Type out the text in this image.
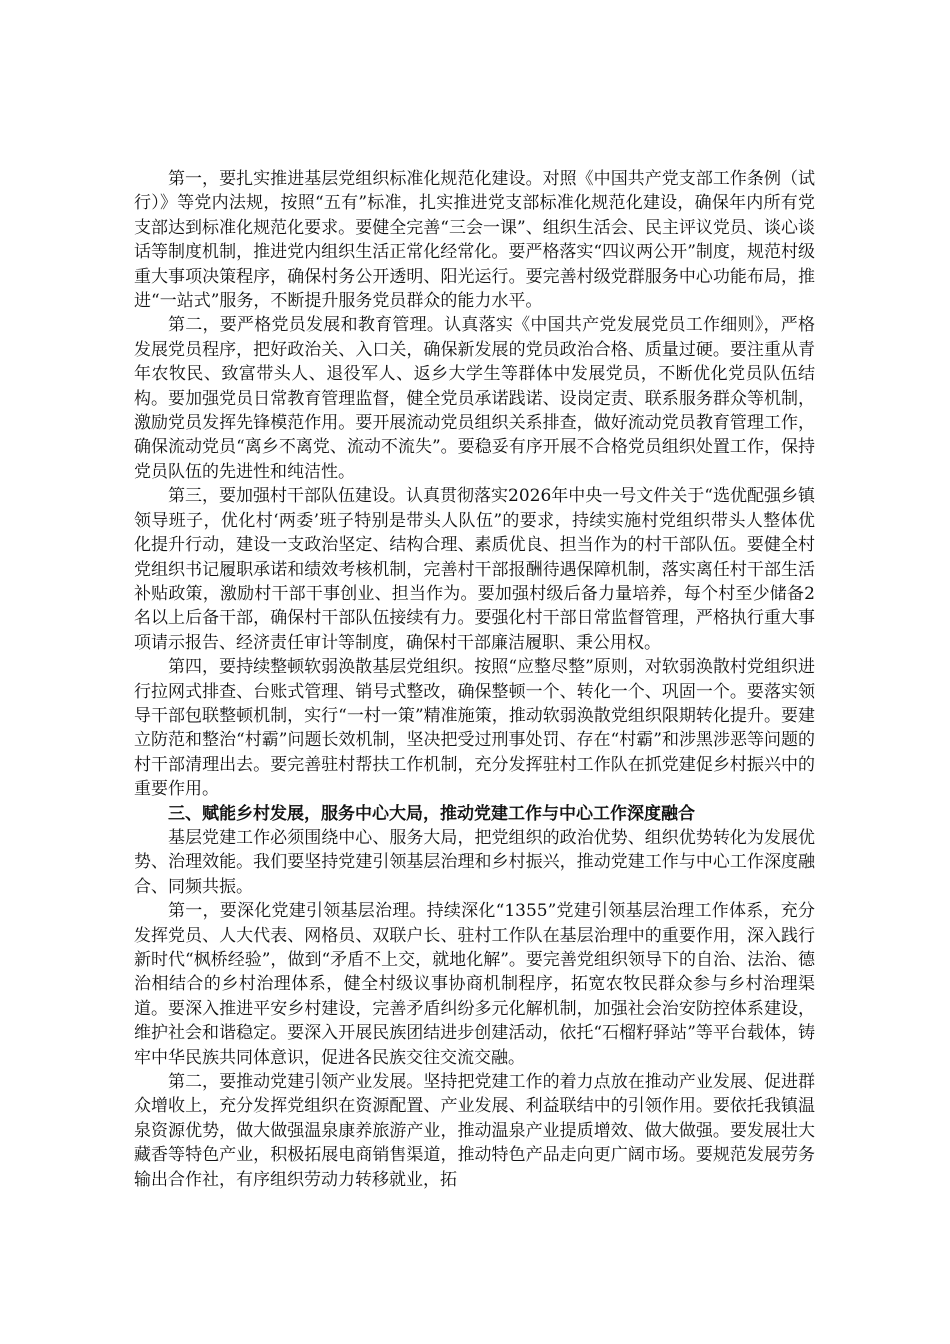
第一，要扎实推进基层党组织标准化规范化建设。对照《中国共产党支部工作条例（试行）》等党内法规，按照“五有”标准，扎实推进党支部标准化规范化建设，确保年内所有党支部达到标准化规范化要求。要健全完善“三会一课”、组织生活会、民主评议党员、谈心谈话等制度机制，推进党内组织生活正常化经常化。要严格落实“四议两公开”制度，规范村级重大事项决策程序，确保村务公开透明、阳光运行。要完善村级党群服务中心功能布局，推进“一站式”服务，不断提升服务党员群众的能力水平。

第二，要严格党员发展和教育管理。认真落实《中国共产党发展党员工作细则》，严格发展党员程序，把好政治关、入口关，确保新发展的党员政治合格、质量过硬。要注重从青年农牧民、致富带头人、退役军人、返乡大学生等群体中发展党员，不断优化党员队伍结构。要加强党员日常教育管理监督，健全党员承诺践诺、设岗定责、联系服务群众等机制，激励党员发挥先锋模范作用。要开展流动党员组织关系排查，做好流动党员教育管理工作，确保流动党员“离乡不离党、流动不流失”。要稳妥有序开展不合格党员组织处置工作，保持党员队伍的先进性和纯洁性。

第三，要加强村干部队伍建设。认真贯彻落实2026年中央一号文件关于“选优配强乡镇领导班子，优化村‘两委’班子特别是带头人队伍”的要求，持续实施村党组织带头人整体优化提升行动，建设一支政治坚定、结构合理、素质优良、担当作为的村干部队伍。要健全村党组织书记履职承诺和绩效考核机制，完善村干部报酬待遇保障机制，落实离任村干部生活补贴政策，激励村干部干事创业、担当作为。要加强村级后备力量培养，每个村至少储备2名以上后备干部，确保村干部队伍接续有力。要强化村干部日常监督管理，严格执行重大事项请示报告、经济责任审计等制度，确保村干部廉洁履职、秉公用权。

第四，要持续整顿软弱涣散基层党组织。按照“应整尽整”原则，对软弱涣散村党组织进行拉网式排查、台账式管理、销号式整改，确保整顿一个、转化一个、巩固一个。要落实领导干部包联整顿机制，实行“一村一策”精准施策，推动软弱涣散党组织限期转化提升。要建立防范和整治“村霸”问题长效机制，坚决把受过刑事处罚、存在“村霸”和涉黑涉恶等问题的村干部清理出去。要完善驻村帮扶工作机制，充分发挥驻村工作队在抓党建促乡村振兴中的重要作用。

三、赋能乡村发展，服务中心大局，推动党建工作与中心工作深度融合

基层党建工作必须围绕中心、服务大局，把党组织的政治优势、组织优势转化为发展优势、治理效能。我们要坚持党建引领基层治理和乡村振兴，推动党建工作与中心工作深度融合、同频共振。

第一，要深化党建引领基层治理。持续深化“1355”党建引领基层治理工作体系，充分发挥党员、人大代表、网格员、双联户长、驻村工作队在基层治理中的重要作用，深入践行新时代“枫桥经验”，做到“矛盾不上交，就地化解”。要完善党组织领导下的自治、法治、德治相结合的乡村治理体系，健全村级议事协商机制程序，拓宽农牧民群众参与乡村治理渠道。要深入推进平安乡村建设，完善矛盾纠纷多元化解机制，加强社会治安防控体系建设，维护社会和谐稳定。要深入开展民族团结进步创建活动，依托“石榴籽驿站”等平台载体，铸牢中华民族共同体意识，促进各民族交往交流交融。

第二，要推动党建引领产业发展。坚持把党建工作的着力点放在推动产业发展、促进群众增收上，充分发挥党组织在资源配置、产业发展、利益联结中的引领作用。要依托我镇温泉资源优势，做大做强温泉康养旅游产业，推动温泉产业提质增效、做大做强。要发展壮大藏香等特色产业，积极拓展电商销售渠道，推动特色产品走向更广阔市场。要规范发展劳务输出合作社，有序组织劳动力转移就业，拓
